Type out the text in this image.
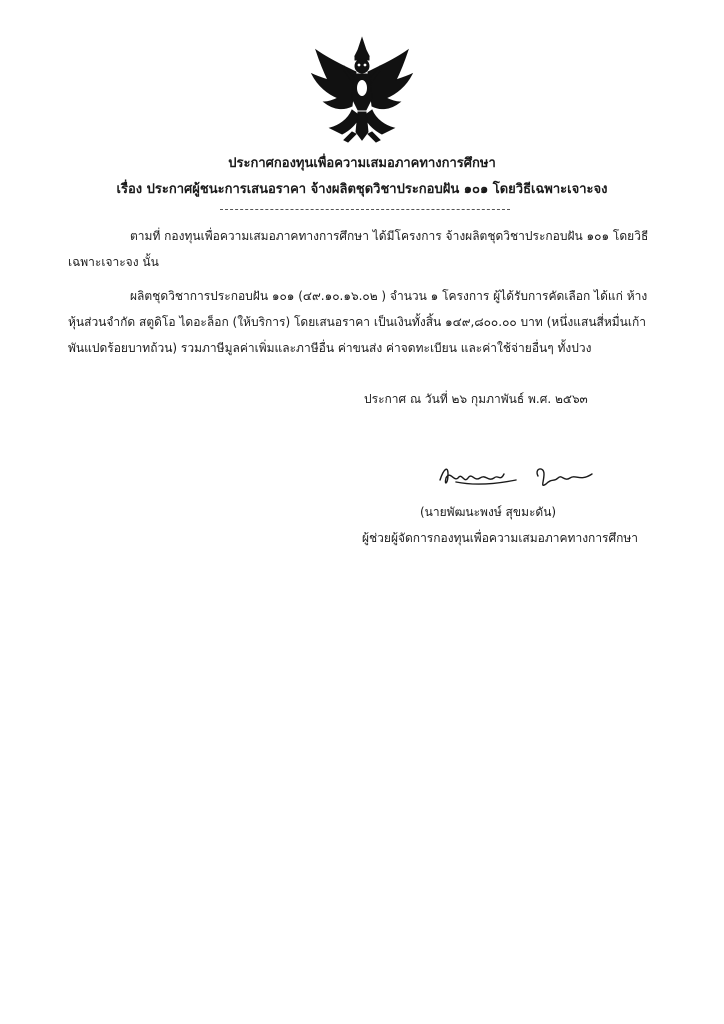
ประกาศกองทุนเพื่อความเสมอภาคทางการศึกษา
เรื่อง ประกาศผู้ชนะการเสนอราคา จ้างผลิตชุดวิชาประกอบฝัน ๑๐๑ โดยวิธีเฉพาะเจาะจง
ตามที่ กองทุนเพื่อความเสมอภาคทางการศึกษา ได้มีโครงการ จ้างผลิตชุดวิชาประกอบฝัน ๑๐๑ โดยวิธี
เฉพาะเจาะจง นั้น
ผลิตชุดวิชาการประกอบฝัน ๑๐๑ (๔๙.๑๐.๑๖.๐๒ ) จำนวน ๑ โครงการ ผู้ได้รับการคัดเลือก ได้แก่ ห้าง
หุ้นส่วนจำกัด สตูดิโอ ไดอะล็อก (ให้บริการ) โดยเสนอราคา เป็นเงินทั้งสิ้น ๑๔๙,๘๐๐.๐๐ บาท (หนึ่งแสนสี่หมื่นเก้า
พันแปดร้อยบาทถ้วน) รวมภาษีมูลค่าเพิ่มและภาษีอื่น ค่าขนส่ง ค่าจดทะเบียน และค่าใช้จ่ายอื่นๆ ทั้งปวง
ประกาศ ณ วันที่ ๒๖ กุมภาพันธ์ พ.ศ. ๒๕๖๓
(นายพัฒนะพงษ์ สุขมะดัน)
ผู้ช่วยผู้จัดการกองทุนเพื่อความเสมอภาคทางการศึกษา
